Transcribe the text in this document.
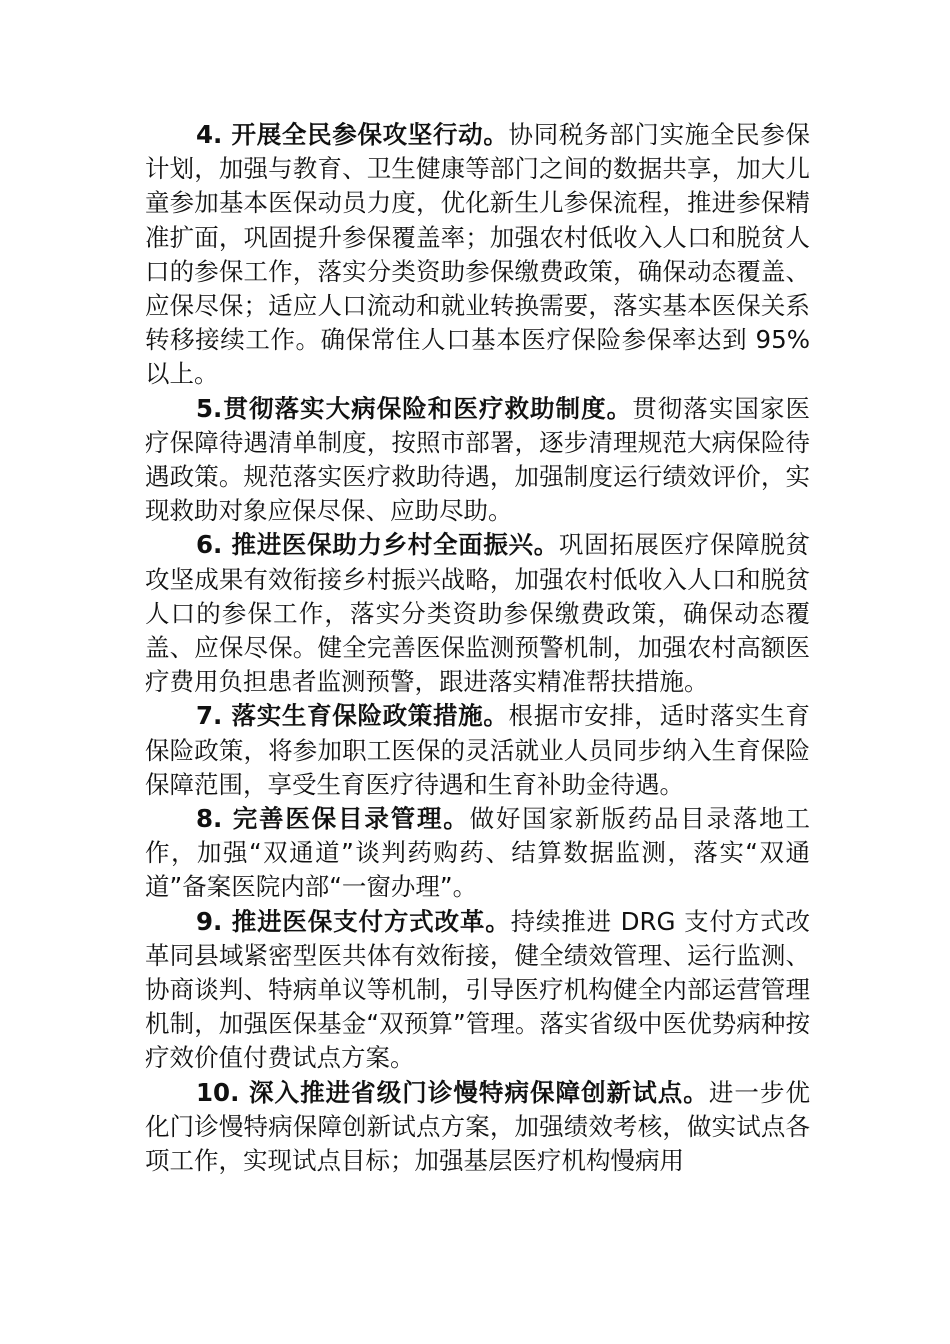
4. 开展全民参保攻坚行动。协同税务部门实施全民参保计划，加强与教育、卫生健康等部门之间的数据共享，加大儿童参加基本医保动员力度，优化新生儿参保流程，推进参保精准扩面，巩固提升参保覆盖率；加强农村低收入人口和脱贫人口的参保工作，落实分类资助参保缴费政策，确保动态覆盖、应保尽保；适应人口流动和就业转换需要，落实基本医保关系转移接续工作。确保常住人口基本医疗保险参保率达到 95%以上。

5.贯彻落实大病保险和医疗救助制度。贯彻落实国家医疗保障待遇清单制度，按照市部署，逐步清理规范大病保险待遇政策。规范落实医疗救助待遇，加强制度运行绩效评价，实现救助对象应保尽保、应助尽助。

6. 推进医保助力乡村全面振兴。巩固拓展医疗保障脱贫攻坚成果有效衔接乡村振兴战略，加强农村低收入人口和脱贫人口的参保工作，落实分类资助参保缴费政策，确保动态覆盖、应保尽保。健全完善医保监测预警机制，加强农村高额医疗费用负担患者监测预警，跟进落实精准帮扶措施。

7. 落实生育保险政策措施。根据市安排，适时落实生育保险政策，将参加职工医保的灵活就业人员同步纳入生育保险保障范围，享受生育医疗待遇和生育补助金待遇。

8. 完善医保目录管理。做好国家新版药品目录落地工作，加强“双通道”谈判药购药、结算数据监测，落实“双通道”备案医院内部“一窗办理”。

9. 推进医保支付方式改革。持续推进 DRG 支付方式改革同县域紧密型医共体有效衔接，健全绩效管理、运行监测、协商谈判、特病单议等机制，引导医疗机构健全内部运营管理机制，加强医保基金“双预算”管理。落实省级中医优势病种按疗效价值付费试点方案。

10. 深入推进省级门诊慢特病保障创新试点。进一步优化门诊慢特病保障创新试点方案，加强绩效考核，做实试点各项工作，实现试点目标；加强基层医疗机构慢病用
